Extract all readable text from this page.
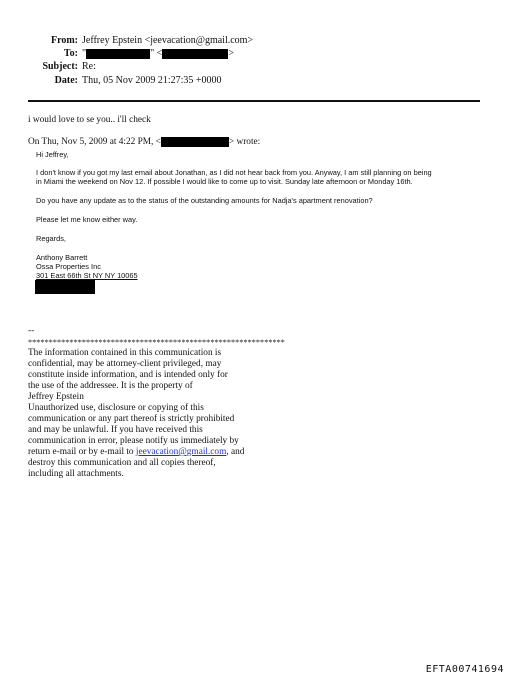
From: Jeffrey Epstein <jeevacation@gmail.com>
To: "	" <	>
Subject: Re:
Date: Thu, 05 Nov 2009 21:27:35 +0000
i would love to se you.. i'll check
On Thu, Nov 5, 2009 at 4:22 PM, <	> wrote:
Hi Jeffrey,
I don't know if you got my last email about Jonathan, as I did not hear back from you. Anyway, I am still planning on being
in Miami the weekend on Nov 12. If possible I would like to come up to visit. Sunday late afternoon or Monday 16th.
Do you have any update as to the status of the outstanding amounts for Nadja's apartment renovation?
Please let me know either way.
Regards,
Anthony Barrett
Ossa Properties Inc
301 East 66th St NY NY 10065
--
**************************************************************
The information contained in this communication is
confidential, may be attorney-client privileged, may
constitute inside information, and is intended only for
the use of the addressee. It is the property of
Jeffrey Epstein
Unauthorized use, disclosure or copying of this
communication or any part thereof is strictly prohibited
and may be unlawful. If you have received this
communication in error, please notify us immediately by
return e-mail or by e-mail to jeevacation@gmail.com, and
destroy this communication and all copies thereof,
including all attachments.
EFTA00741694
